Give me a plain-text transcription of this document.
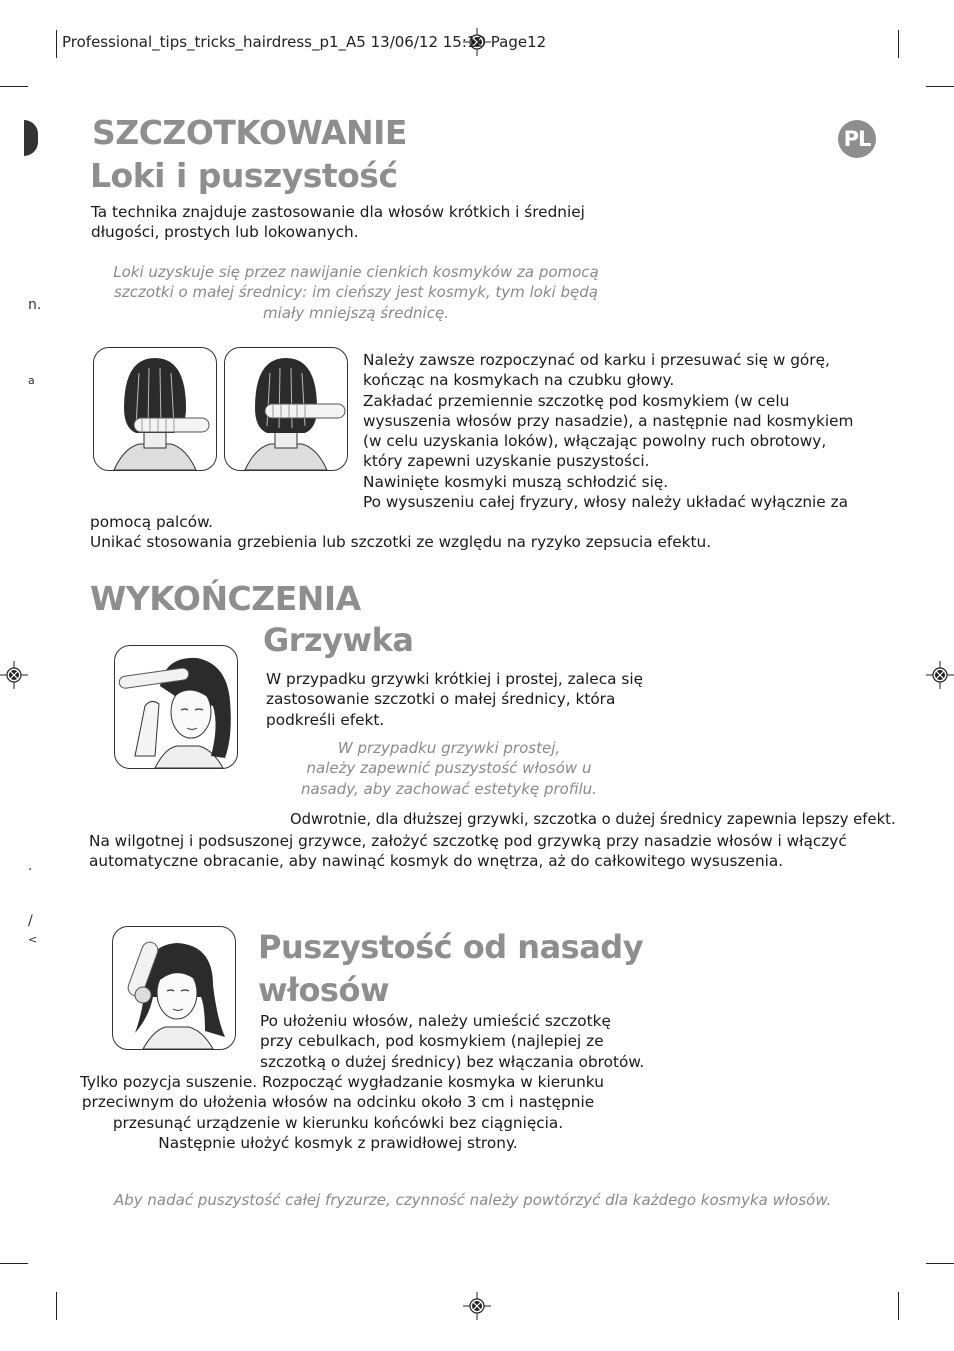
Professional_tips_tricks_hairdress_p1_A5 13/06/12 15:10 Page12
n.
a
.
/
<
PL
SZCZOTKOWANIE
Loki i puszystość
Ta technika znajduje zastosowanie dla włosów krótkich i średniej
długości, prostych lub lokowanych.
Loki uzyskuje się przez nawijanie cienkich kosmyków za pomocą
szczotki o małej średnicy: im cieńszy jest kosmyk, tym loki będą
miały mniejszą średnicę.
Należy zawsze rozpoczynać od karku i przesuwać się w górę,
kończąc na kosmykach na czubku głowy.
Zakładać przemiennie szczotkę pod kosmykiem (w celu
wysuszenia włosów przy nasadzie), a następnie nad kosmykiem
(w celu uzyskania loków), włączając powolny ruch obrotowy,
który zapewni uzyskanie puszystości.
Nawinięte kosmyki muszą schłodzić się.
Po wysuszeniu całej fryzury, włosy należy układać wyłącznie za
pomocą palców.
Unikać stosowania grzebienia lub szczotki ze względu na ryzyko zepsucia efektu.
WYKOŃCZENIA
Grzywka
W przypadku grzywki krótkiej i prostej, zaleca się
zastosowanie szczotki o małej średnicy, która
podkreśli efekt.
W przypadku grzywki prostej,
należy zapewnić puszystość włosów u
nasady, aby zachować estetykę profilu.
Odwrotnie, dla dłuższej grzywki, szczotka o dużej średnicy zapewnia lepszy efekt.
Na wilgotnej i podsuszonej grzywce, założyć szczotkę pod grzywką przy nasadzie włosów i włączyć
automatyczne obracanie, aby nawinąć kosmyk do wnętrza, aż do całkowitego wysuszenia.
Puszystość od nasady
włosów
Po ułożeniu włosów, należy umieścić szczotkę
przy cebulkach, pod kosmykiem (najlepiej ze
szczotką o dużej średnicy) bez włączania obrotów.
Tylko pozycja suszenie. Rozpocząć wygładzanie kosmyka w kierunku
przeciwnym do ułożenia włosów na odcinku około 3 cm i następnie
przesunąć urządzenie w kierunku końcówki bez ciągnięcia.
Następnie ułożyć kosmyk z prawidłowej strony.
Aby nadać puszystość całej fryzurze, czynność należy powtórzyć dla każdego kosmyka włosów.
